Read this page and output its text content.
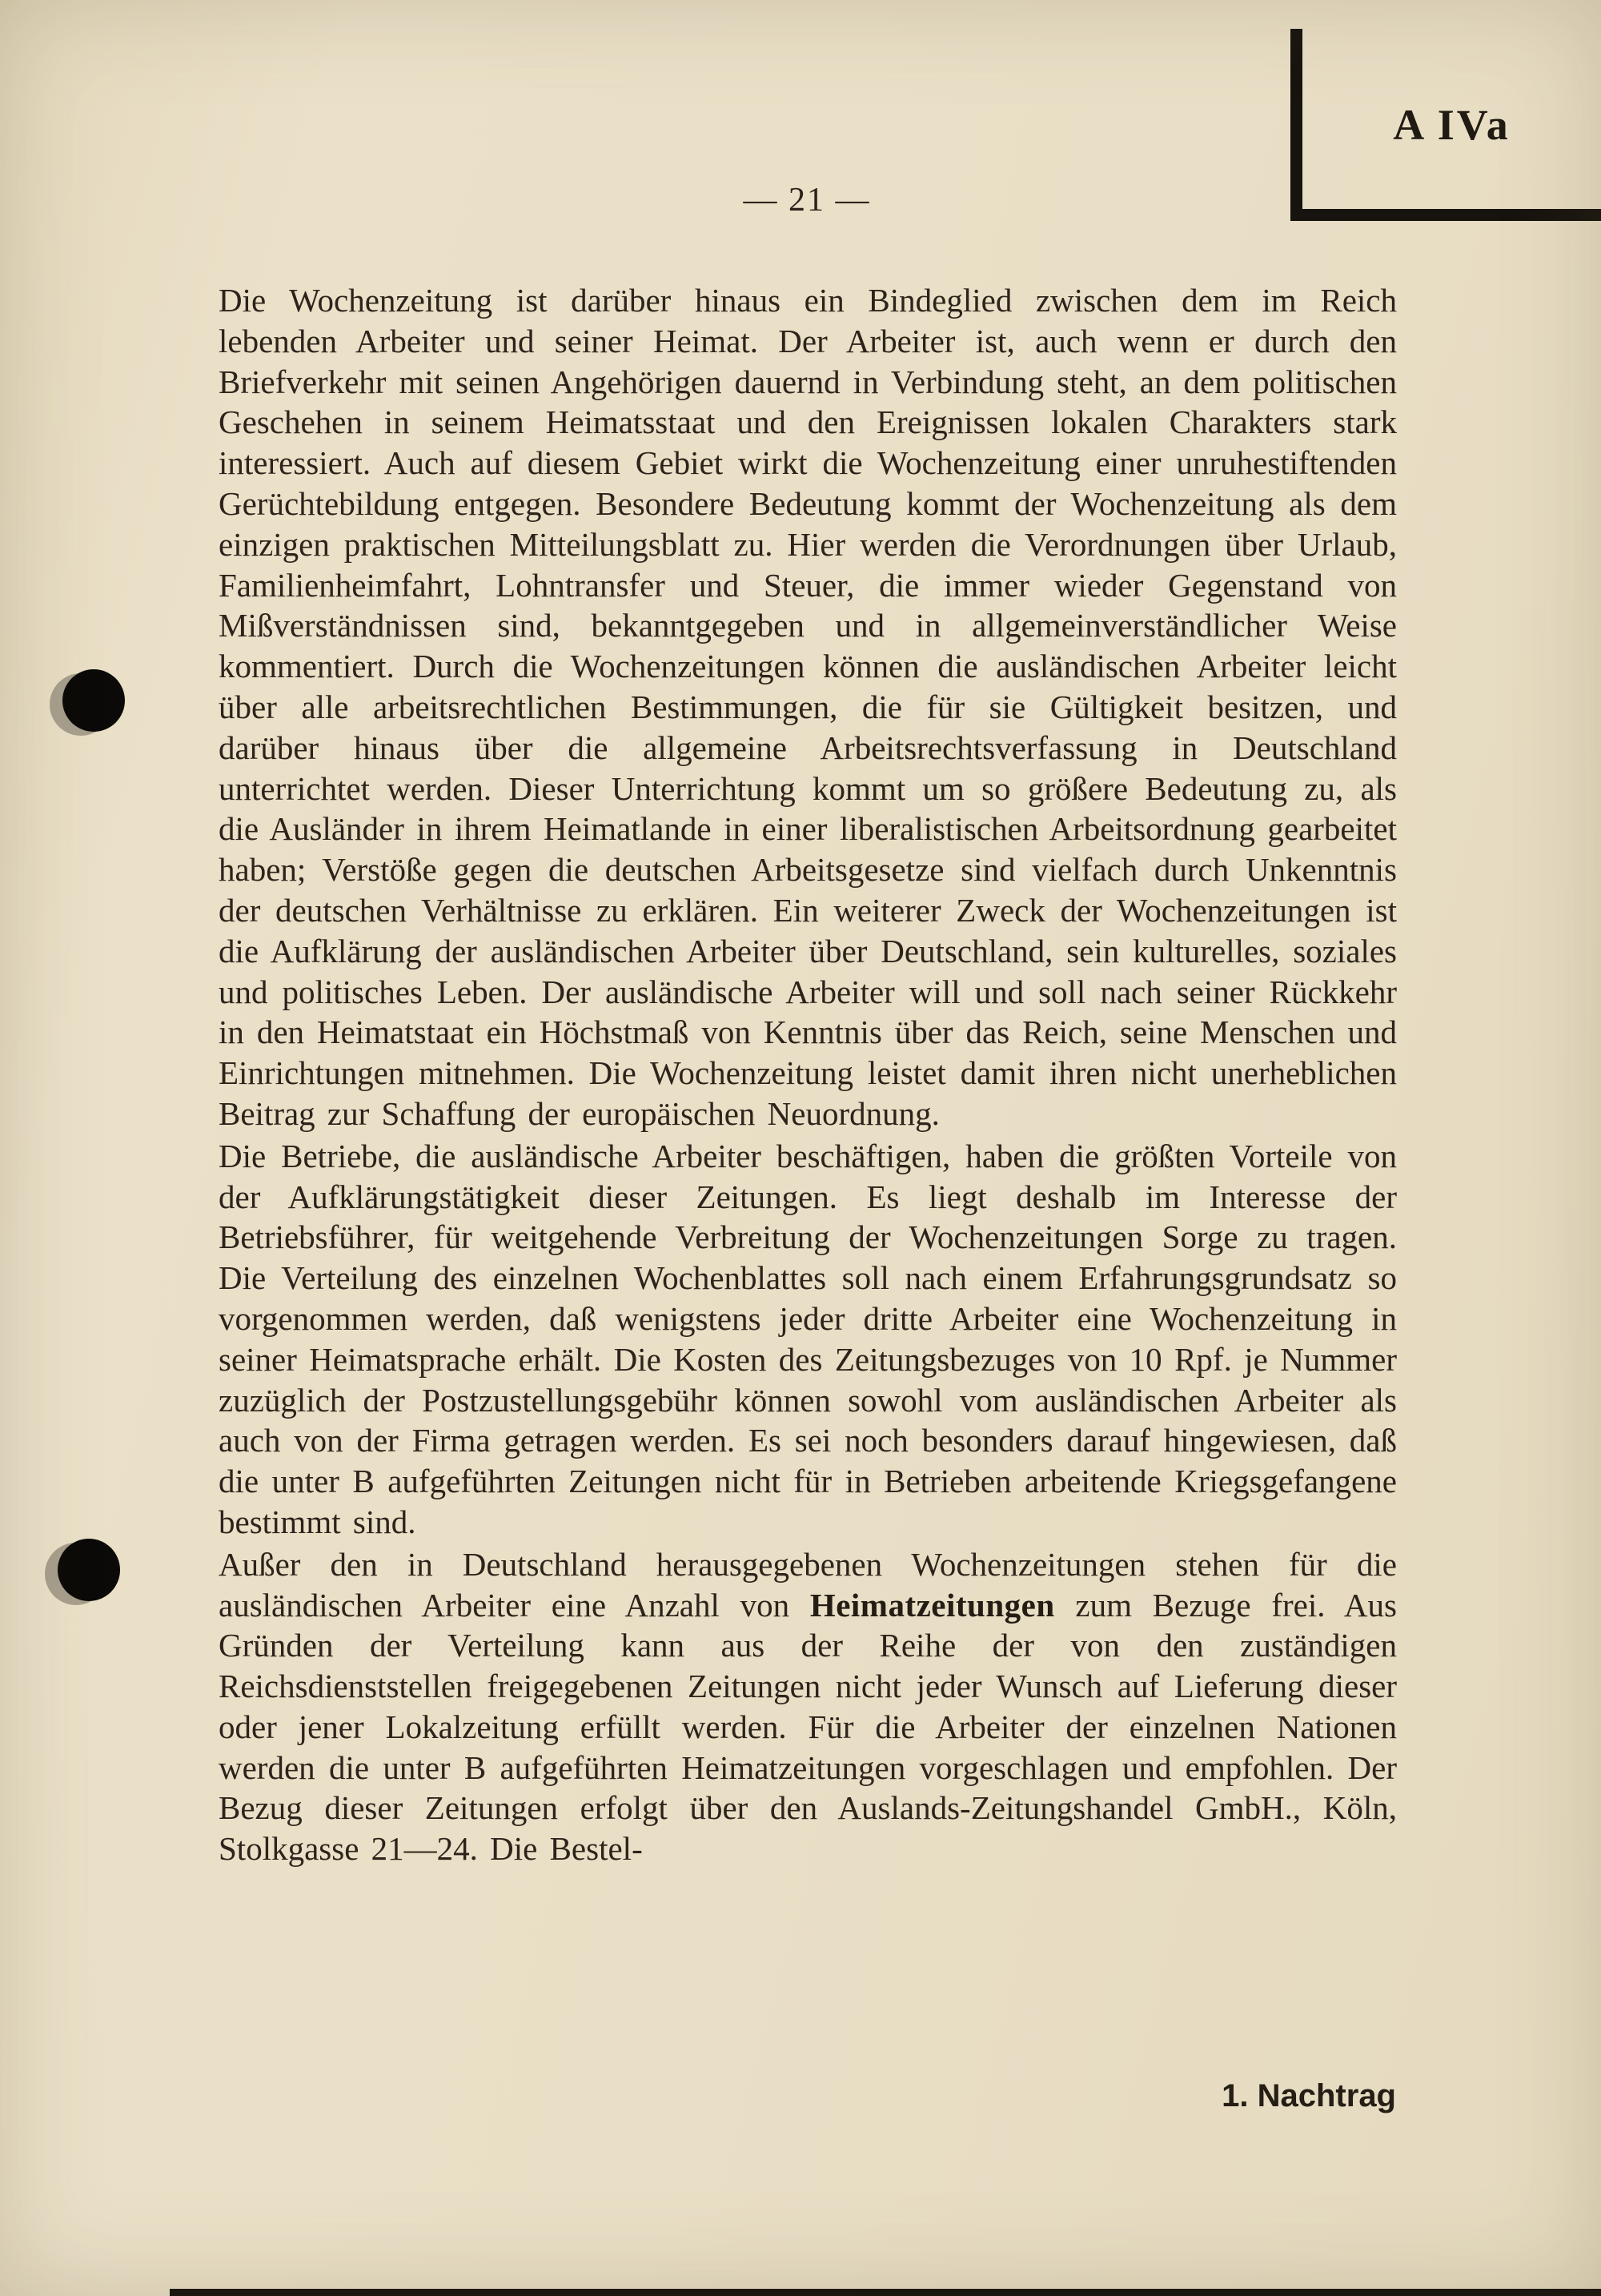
A IVa
— 21 —

Die Wochenzeitung ist darüber hinaus ein Bindeglied zwischen dem im Reich lebenden Arbeiter und seiner Heimat. Der Arbeiter ist, auch wenn er durch den Briefverkehr mit seinen Angehörigen dauernd in Verbindung steht, an dem politischen Geschehen in seinem Heimatsstaat und den Ereignissen lokalen Charakters stark interessiert. Auch auf diesem Gebiet wirkt die Wochenzeitung einer unruhestiftenden Gerüchtebildung entgegen. Besondere Bedeutung kommt der Wochenzeitung als dem einzigen praktischen Mitteilungsblatt zu. Hier werden die Verordnungen über Urlaub, Familienheimfahrt, Lohntransfer und Steuer, die immer wieder Gegenstand von Mißverständnissen sind, bekanntgegeben und in allgemeinverständlicher Weise kommentiert. Durch die Wochenzeitungen können die ausländischen Arbeiter leicht über alle arbeitsrechtlichen Bestimmungen, die für sie Gültigkeit besitzen, und darüber hinaus über die allgemeine Arbeitsrechtsverfassung in Deutschland unterrichtet werden. Dieser Unterrichtung kommt um so größere Bedeutung zu, als die Ausländer in ihrem Heimatlande in einer liberalistischen Arbeitsordnung gearbeitet haben; Verstöße gegen die deutschen Arbeitsgesetze sind vielfach durch Unkenntnis der deutschen Verhältnisse zu erklären. Ein weiterer Zweck der Wochenzeitungen ist die Aufklärung der ausländischen Arbeiter über Deutschland, sein kulturelles, soziales und politisches Leben. Der ausländische Arbeiter will und soll nach seiner Rückkehr in den Heimatstaat ein Höchstmaß von Kenntnis über das Reich, seine Menschen und Einrichtungen mitnehmen. Die Wochenzeitung leistet damit ihren nicht unerheblichen Beitrag zur Schaffung der europäischen Neuordnung.

Die Betriebe, die ausländische Arbeiter beschäftigen, haben die größten Vorteile von der Aufklärungstätigkeit dieser Zeitungen. Es liegt deshalb im Interesse der Betriebsführer, für weitgehende Verbreitung der Wochenzeitungen Sorge zu tragen. Die Verteilung des einzelnen Wochenblattes soll nach einem Erfahrungsgrundsatz so vorgenommen werden, daß wenigstens jeder dritte Arbeiter eine Wochenzeitung in seiner Heimatsprache erhält. Die Kosten des Zeitungsbezuges von 10 Rpf. je Nummer zuzüglich der Postzustellungsgebühr können sowohl vom ausländischen Arbeiter als auch von der Firma getragen werden. Es sei noch besonders darauf hingewiesen, daß die unter B aufgeführten Zeitungen nicht für in Betrieben arbeitende Kriegsgefangene bestimmt sind.

Außer den in Deutschland herausgegebenen Wochenzeitungen stehen für die ausländischen Arbeiter eine Anzahl von Heimatzeitungen zum Bezuge frei. Aus Gründen der Verteilung kann aus der Reihe der von den zuständigen Reichsdienststellen freigegebenen Zeitungen nicht jeder Wunsch auf Lieferung dieser oder jener Lokalzeitung erfüllt werden. Für die Arbeiter der einzelnen Nationen werden die unter B aufgeführten Heimatzeitungen vorgeschlagen und empfohlen. Der Bezug dieser Zeitungen erfolgt über den Auslands-Zeitungshandel GmbH., Köln, Stolkgasse 21—24. Die Bestel-

1. Nachtrag
